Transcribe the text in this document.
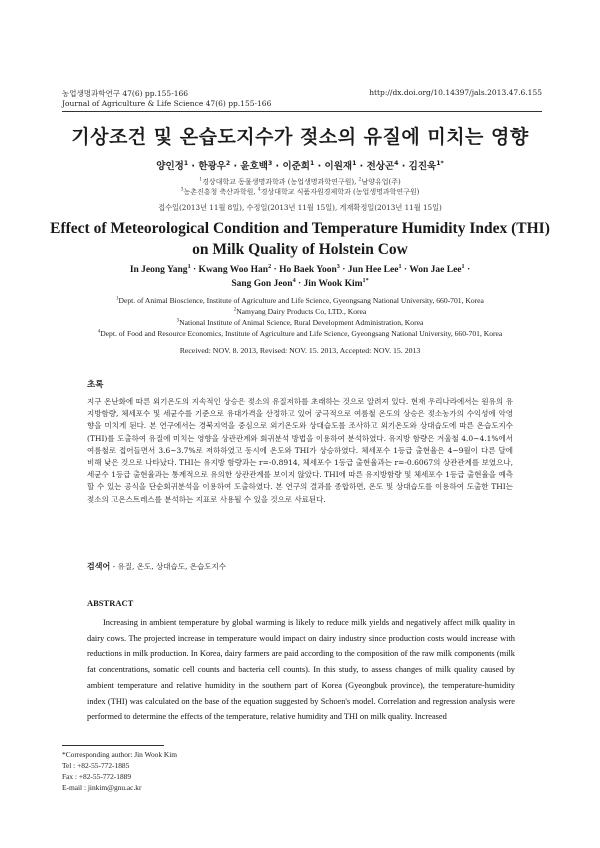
농업생명과학연구 47(6) pp.155-166	http://dx.doi.org/10.14397/jals.2013.47.6.155
Journal of Agriculture & Life Science 47(6) pp.155-166
기상조건 및 온습도지수가 젖소의 유질에 미치는 영향
양인정$^1$ · 한광우$^2$ · 윤호백$^3$ · 이준희$^1$ · 이원재$^1$ · 전상곤$^4$ · 김진욱$^{1*}$
$^1$경상대학교 동물생명과학과 (농업생명과학연구원), $^2$남양유업(주)
$^3$농촌진흥청 축산과학원, $^4$경상대학교 식품자원경제학과 (농업생명과학연구원)
접수일(2013년 11월 8일), 수정일(2013년 11월 15일), 게재확정일(2013년 11월 15일)
Effect of Meteorological Condition and Temperature Humidity Index (THI)
on Milk Quality of Holstein Cow
In Jeong Yang$^1$ · Kwang Woo Han$^2$ · Ho Baek Yoon$^3$ · Jun Hee Lee$^1$ · Won Jae Lee$^1$ ·
Sang Gon Jeon$^4$ · Jin Wook Kim$^{1*}$
$^1$Dept. of Animal Bioscience, Institute of Agriculture and Life Science, Gyeongsang National University, 660-701, Korea
$^2$Namyang Dairy Products Co, LTD., Korea
$^3$National Institute of Animal Science, Rural Development Administration, Korea
$^4$Dept. of Food and Resource Economics, Institute of Agriculture and Life Science, Gyeongsang National University, 660-701, Korea
Received: NOV. 8. 2013, Revised: NOV. 15. 2013, Accepted: NOV. 15. 2013
초록
지구 온난화에 따른 외기온도의 지속적인 상승은 젖소의 유질저하를 초래하는 것으로 알려져 있다. 현재 우리나라에서는 원유의 유지방함량, 체세포수 및 세균수를 기준으로 유대가격을 산정하고 있어 궁극적으로 여름철 온도의 상승은 젖소농가의 수익성에 악영향을 미치게 된다. 본 연구에서는 경북지역을 중심으로 외기온도와 상대습도를 조사하고 외기온도와 상대습도에 따른 온습도지수 (THI)를 도출하여 유질에 미치는 영향을 상관관계와 회귀분석 방법을 이용하여 분석하였다. 유지방 함량은 겨울철 4.0~4.1%에서 여름철로 접어들면서 3.6~3.7%로 저하하였고 동시에 온도와 THI가 상승하였다. 체세포수 1등급 출현율은 4~9월이 다른 달에 비해 낮은 것으로 나타났다. THI는 유지방 함량과는 r=-0.8914, 체세포수 1등급 출현율과는 r=-0.6067의 상관관계를 보였으나, 세균수 1등급 출현율과는 통계적으로 유의한 상관관계를 보이지 않았다. THI에 따른 유지방함량 및 체세포수 1등급 출현율을 예측할 수 있는 공식을 단순회귀분석을 이용하여 도출하였다. 본 연구의 결과를 종합하면, 온도 및 상대습도를 이용하여 도출한 THI는 젖소의 고온스트레스를 분석하는 지표로 사용될 수 있을 것으로 사료된다.
검색어 - 유질, 온도, 상대습도, 온습도지수
ABSTRACT
Increasing in ambient temperature by global warming is likely to reduce milk yields and negatively affect milk quality in dairy cows. The projected increase in temperature would impact on dairy industry since production costs would increase with reductions in milk production. In Korea, dairy farmers are paid according to the composition of the raw milk components (milk fat concentrations, somatic cell counts and bacteria cell counts). In this study, to assess changes of milk quality caused by ambient temperature and relative humidity in the southern part of Korea (Gyeongbuk province), the temperature-humidity index (THI) was calculated on the base of the equation suggested by Schoen's model. Correlation and regression analysis were performed to determine the effects of the temperature, relative humidity and THI on milk quality. Increased
*Corresponding author: Jin Wook Kim
Tel : +82-55-772-1885
Fax : +82-55-772-1889
E-mail : jinkim@gnu.ac.kr
